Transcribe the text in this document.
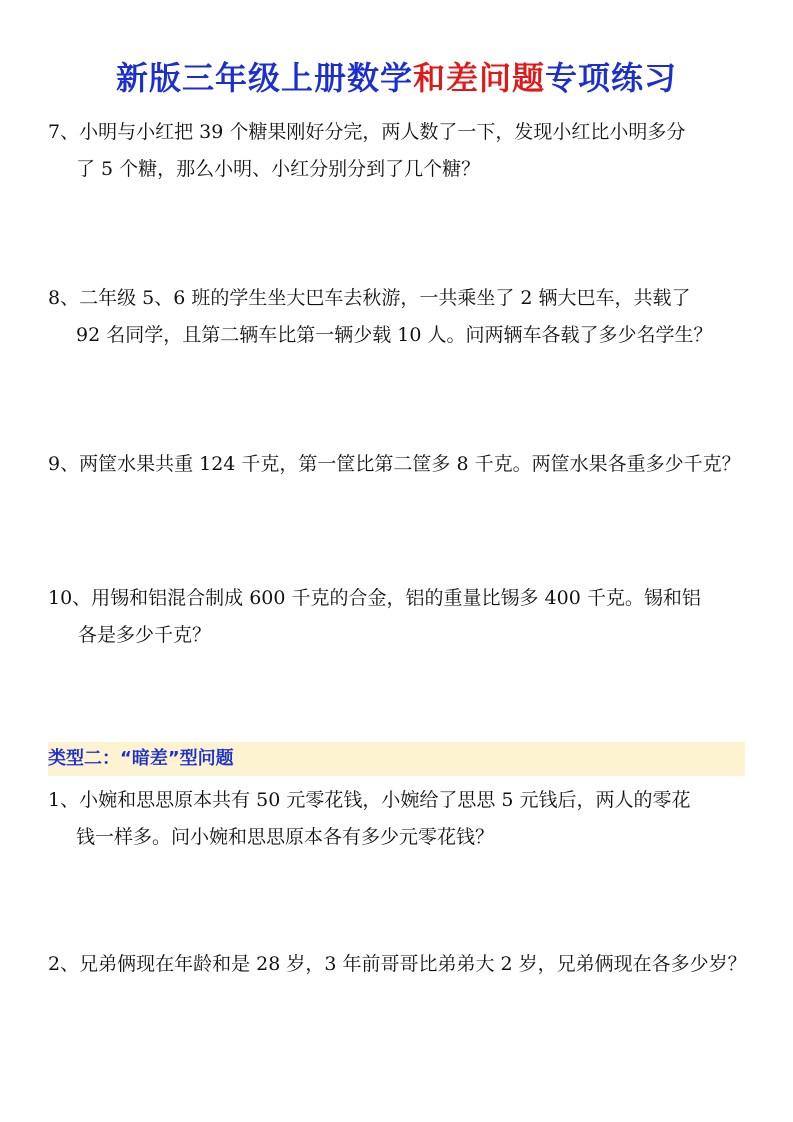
新版三年级上册数学和差问题专项练习
7、小明与小红把 39 个糖果刚好分完，两人数了一下，发现小红比小明多分
了 5 个糖，那么小明、小红分别分到了几个糖？
8、二年级 5、6 班的学生坐大巴车去秋游，一共乘坐了 2 辆大巴车，共载了
92 名同学，且第二辆车比第一辆少载 10 人。问两辆车各载了多少名学生？
9、两筐水果共重 124 千克，第一筐比第二筐多 8 千克。两筐水果各重多少千克？
10、用锡和铝混合制成 600 千克的合金，铝的重量比锡多 400 千克。锡和铝
各是多少千克？
类型二：“暗差”型问题
1、小婉和思思原本共有 50 元零花钱，小婉给了思思 5 元钱后，两人的零花
钱一样多。问小婉和思思原本各有多少元零花钱？
2、兄弟俩现在年龄和是 28 岁，3 年前哥哥比弟弟大 2 岁，兄弟俩现在各多少岁？
